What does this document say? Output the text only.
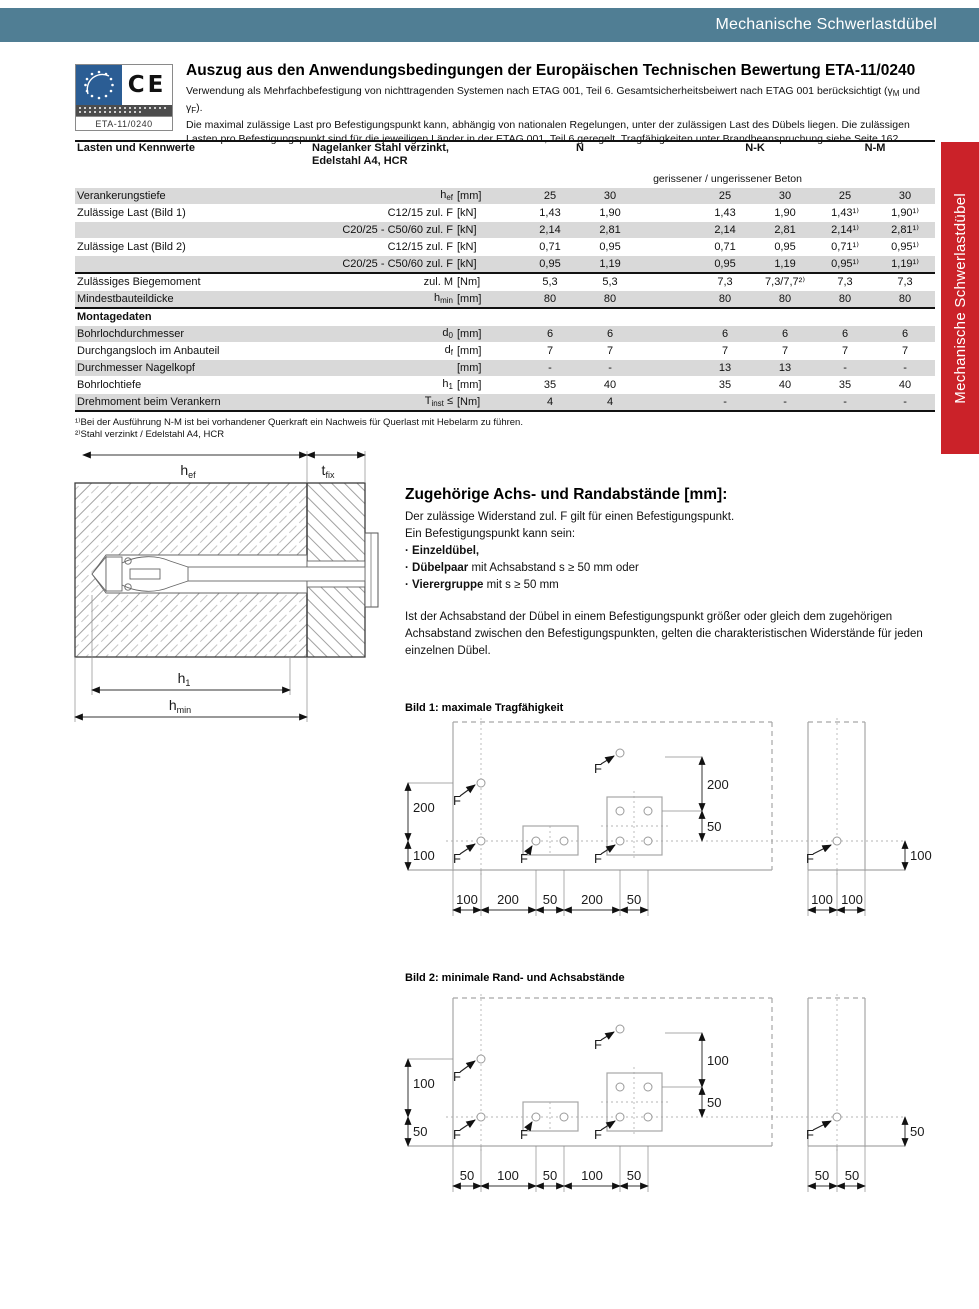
Mechanische Schwerlastdübel
Mechanische Schwerlastdübel
CE
ETA-11/0240
Auszug aus den Anwendungsbedingungen der Europäischen Technischen Bewertung ETA-11/0240

Verwendung als Mehrfachbefestigung von nichttragenden Systemen nach ETAG 001, Teil 6. Gesamtsicherheitsbeiwert nach ETAG 001 berücksichtigt (γM und γF).
Die maximal zulässige Last pro Befestigungspunkt kann, abhängig von nationalen Regelungen, unter der zulässigen Last des Dübels liegen. Die zulässigen
Lasten pro Befestigungspunkt sind für die jeweiligen Länder in der ETAG 001, Teil 6 geregelt. Tragfähigkeiten unter Brandbeanspruchung siehe Seite 162.

Lasten und Kennwerte	Nagelanker Stahl verzinkt,
Edelstahl A4, HCR		N			N-K		N-M	
			gerissener / ungerissener Beton						
Verankerungstiefe	hef	[mm]	25	30		25	30	25	30
Zulässige Last (Bild 1)	C12/15 zul. F	[kN]	1,43	1,90		1,43	1,90	1,43¹⁾	1,90¹⁾
	C20/25 - C50/60 zul. F	[kN]	2,14	2,81		2,14	2,81	2,14¹⁾	2,81¹⁾
Zulässige Last (Bild 2)	C12/15 zul. F	[kN]	0,71	0,95		0,71	0,95	0,71¹⁾	0,95¹⁾
	C20/25 - C50/60 zul. F	[kN]	0,95	1,19		0,95	1,19	0,95¹⁾	1,19¹⁾
Zulässiges Biegemoment	zul. M	[Nm]	5,3	5,3		7,3	7,3/7,7²⁾	7,3	7,3
Mindestbauteildicke	hmin	[mm]	80	80		80	80	80	80
Montagedaten									
Bohrlochdurchmesser	d0	[mm]	6	6		6	6	6	6
Durchgangsloch im Anbauteil	df	[mm]	7	7		7	7	7	7
Durchmesser Nagelkopf		[mm]	-	-		13	13	-	-
Bohrlochtiefe	h1	[mm]	35	40		35	40	35	40
Drehmoment beim Verankern	Tinst ≤	[Nm]	4	4		-	-	-	-
¹⁾Bei der Ausführung N-M ist bei vorhandener Querkraft ein Nachweis für Querlast mit Hebelarm zu führen.
²⁾Stahl verzinkt / Edelstahl A4, HCR
$h_{ef}$	$t_{fix}$
$h_1$
$h_{min}$
Zugehörige Achs- und Randabstände [mm]:
Der zulässige Widerstand zul. F gilt für einen Befestigungspunkt.
Ein Befestigungspunkt kann sein:
· Einzeldübel,
· Dübelpaar mit Achsabstand s ≥ 50 mm oder
· Vierergruppe mit s ≥ 50 mm
Ist der Achsabstand der Dübel in einem Befestigungspunkt größer oder gleich dem zugehörigen Achsabstand zwischen den Befestigungspunkten, gelten die charakteristischen Widerstände für jeden einzelnen Dübel.
Bild 1: maximale Tragfähigkeit
Bild 2: minimale Rand- und Achsabstände
F
F	F	F
F
F
200
100
200
50
100 200 50 200 50	100 100
100
F
F	F	F
F
F
100
50
100
50
50 100 50 100 50	50 50
50
